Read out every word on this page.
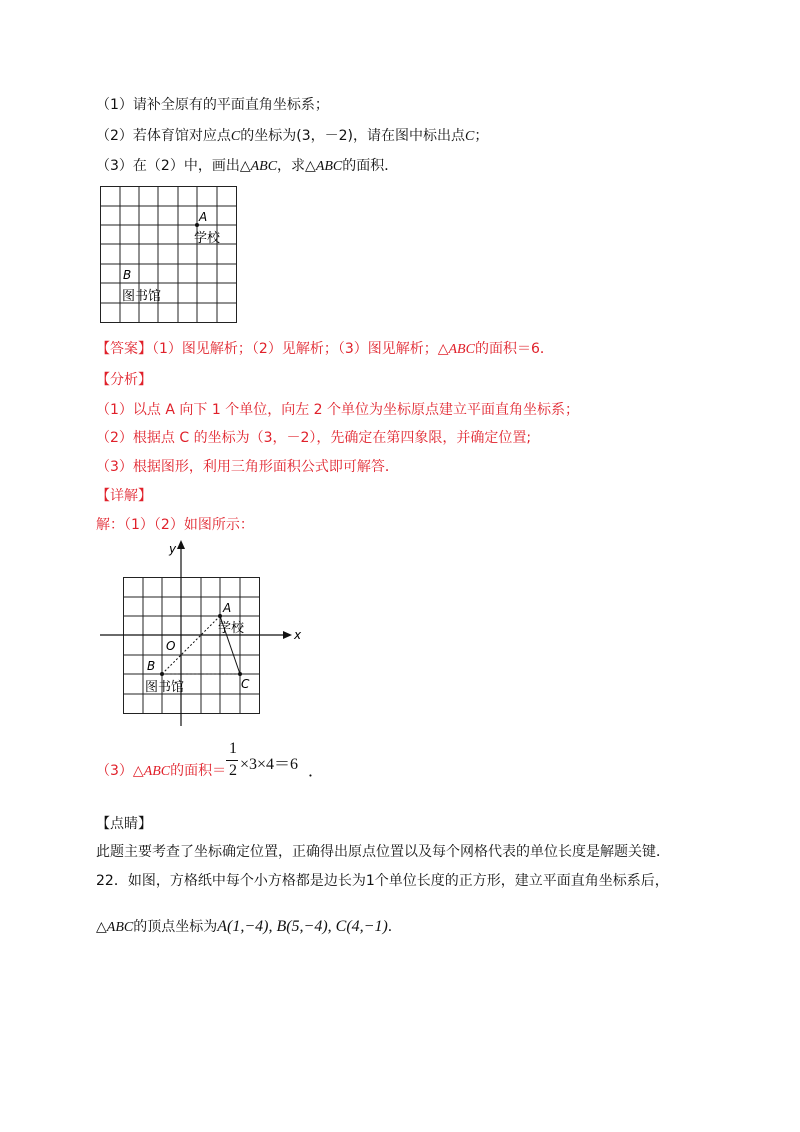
（1）请补全原有的平面直角坐标系；
（2）若体育馆对应点C的坐标为(3，－2)，请在图中标出点C；
（3）在（2）中，画出△ABC，求△ABC的面积．
A
学校
B
图书馆
【答案】（1）图见解析；（2）见解析；（3）图见解析；△ABC的面积＝6．
【分析】
（1）以点 A 向下 1 个单位，向左 2 个单位为坐标原点建立平面直角坐标系；
（2）根据点 C 的坐标为（3，－2），先确定在第四象限，并确定位置;
（3）根据图形，利用三角形面积公式即可解答．
【详解】
解：（1）（2）如图所示：
y
x
O
A
学校
B
图书馆	C
（3）△ABC的面积＝
1
2 ×3×4＝6 ．
【点睛】
此题主要考查了坐标确定位置，正确得出原点位置以及每个网格代表的单位长度是解题关键．
22．如图，方格纸中每个小方格都是边长为1个单位长度的正方形，建立平面直角坐标系后，
△ABC的顶点坐标为A(1,−4), B(5,−4), C(4,−1)．
